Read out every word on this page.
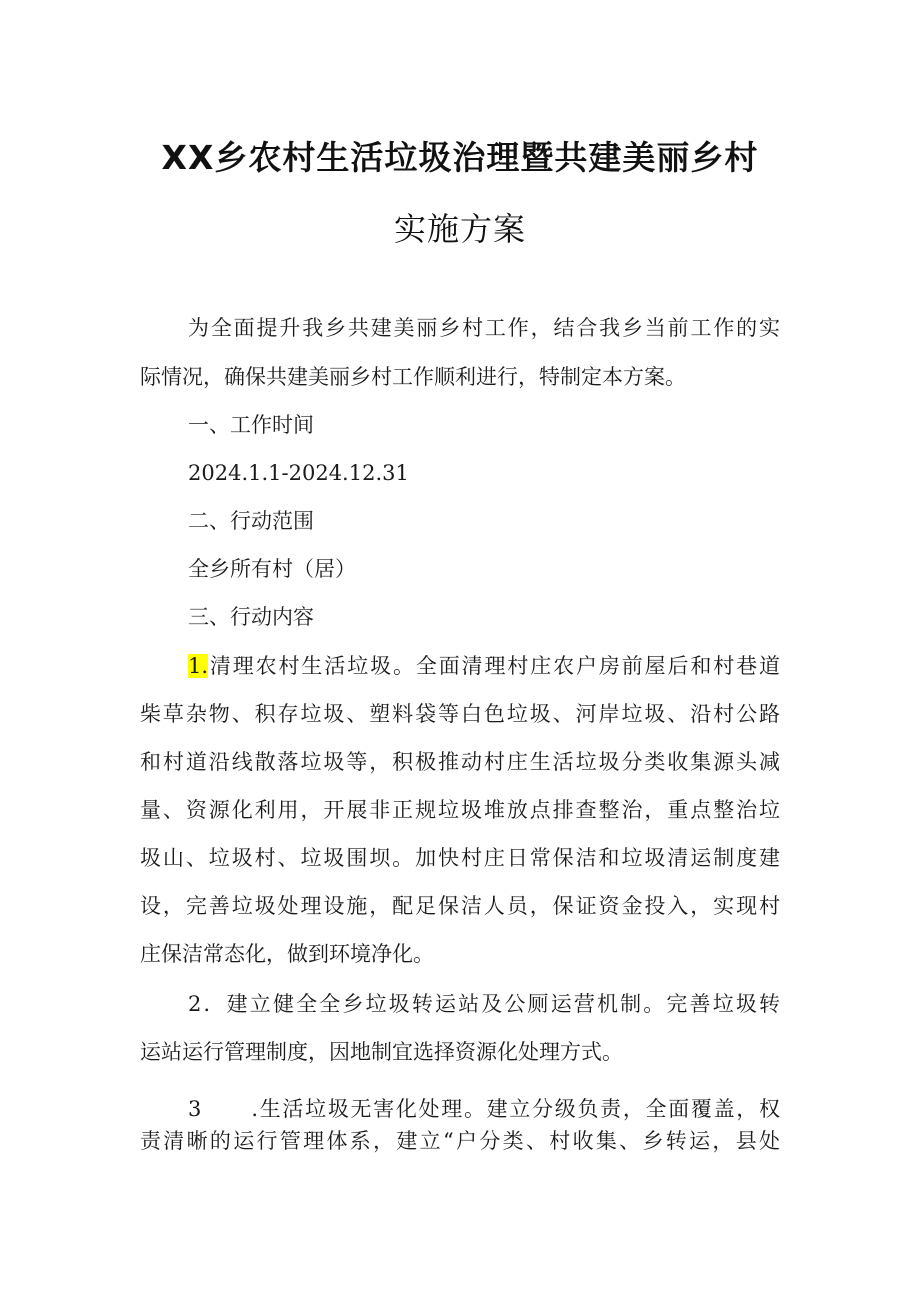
XX乡农村生活垃圾治理暨共建美丽乡村
实施方案
为全面提升我乡共建美丽乡村工作，结合我乡当前工作的实
际情况，确保共建美丽乡村工作顺利进行，特制定本方案。
一、工作时间
2024.1.1-2024.12.31
二、行动范围
全乡所有村（居）
三、行动内容
1.清理农村生活垃圾。全面清理村庄农户房前屋后和村巷道
柴草杂物、积存垃圾、塑料袋等白色垃圾、河岸垃圾、沿村公路
和村道沿线散落垃圾等，积极推动村庄生活垃圾分类收集源头减
量、资源化利用，开展非正规垃圾堆放点排查整治，重点整治垃
圾山、垃圾村、垃圾围坝。加快村庄日常保洁和垃圾清运制度建
设，完善垃圾处理设施，配足保洁人员，保证资金投入，实现村
庄保洁常态化，做到环境净化。
2．建立健全全乡垃圾转运站及公厕运营机制。完善垃圾转
运站运行管理制度，因地制宜选择资源化处理方式。
3 .生活垃圾无害化处理。建立分级负责，全面覆盖，权
责清晰的运行管理体系，建立“户分类、村收集、乡转运，县处
